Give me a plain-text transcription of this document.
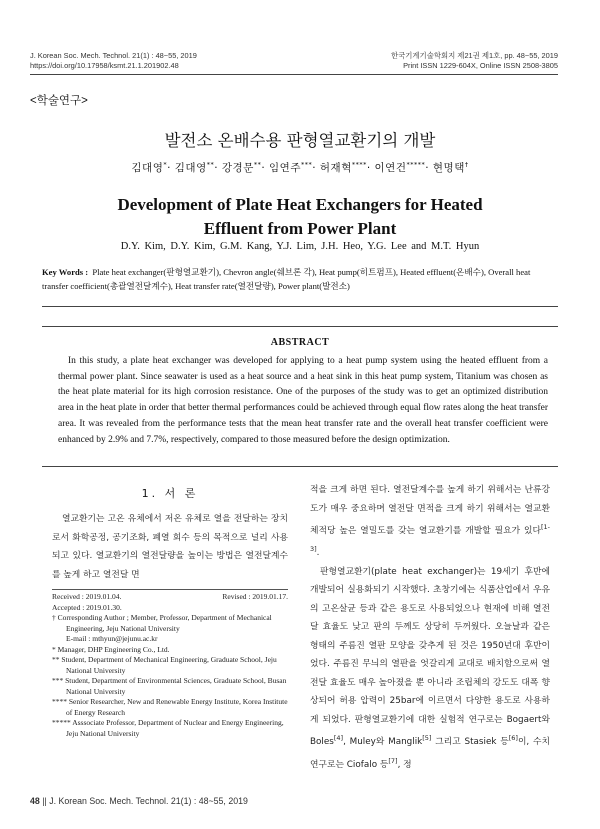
J. Korean Soc. Mech. Technol. 21(1) : 48~55, 2019
https://doi.org/10.17958/ksmt.21.1.201902.48
한국기계기술학회지 제21권 제1호, pp. 48~55, 2019
Print ISSN 1229-604X, Online ISSN 2508-3805
<학술연구>
발전소 온배수용 판형열교환기의 개발
김대영*· 김대영**· 강경문**· 임연주***· 허재혁****· 이연건*****· 현명택†
Development of Plate Heat Exchangers for Heated
Effluent from Power Plant
D.Y. Kim, D.Y. Kim, G.M. Kang, Y.J. Lim, J.H. Heo, Y.G. Lee and M.T. Hyun
Key Words : Plate heat exchanger(판형열교환기), Chevron angle(쉐브론 각), Heat pump(히트펌프), Heated effluent(온배수), Overall heat transfer coefficient(총괄열전달계수), Heat transfer rate(열전달량), Power plant(발전소)
ABSTRACT
In this study, a plate heat exchanger was developed for applying to a heat pump system using the heated effluent from a thermal power plant. Since seawater is used as a heat source and a heat sink in this heat pump system, Titanium was chosen as the heat plate material for its high corrosion resistance. One of the purposes of the study was to get an optimized distribution area in the heat plate in order that better thermal performances could be achieved through equal flow rates along the heat transfer area. It was revealed from the performance tests that the mean heat transfer rate and the overall heat transfer coefficient were enhanced by 2.9% and 7.7%, respectively, compared to those measured before the design optimization.
1. 서 론

열교환기는 고온 유체에서 저온 유체로 열을 전달하는 장치로서 화학공정, 공기조화, 폐열 회수 등의 목적으로 널리 사용되고 있다. 열교환기의 열전달량을 높이는 방법은 열전달계수를 높게 하고 열전달 면

Received : 2019.01.04.	Revised : 2019.01.17.
Accepted : 2019.01.30.
† Corresponding Author ; Member, Professor, Department of Mechanical Engineering, Jeju National University
E-mail : mthyun@jejunu.ac.kr
* Manager, DHP Engineering Co., Ltd.
** Student, Department of Mechanical Engineering, Graduate School, Jeju National University
*** Student, Department of Environmental Sciences, Graduate School, Busan National University
**** Senior Researcher, New and Renewable Energy Institute, Korea Institute of Energy Research
***** Asssociate Professor, Department of Nuclear and Energy Engineering, Jeju National University

적을 크게 하면 된다. 열전달계수를 높게 하기 위해서는 난류강도가 매우 중요하며 열전달 면적을 크게 하기 위해서는 열교환 체적당 높은 열밀도를 갖는 열교환기를 개발할 필요가 있다[1-3].

판형열교환기(plate heat exchanger)는 19세기 후반에 개발되어 실용화되기 시작했다. 초창기에는 식품산업에서 우유의 고온살균 등과 같은 용도로 사용되었으나 현재에 비해 열전달 효율도 낮고 판의 두께도 상당히 두꺼웠다. 오늘날과 같은 형태의 주름진 열판 모양을 갖추게 된 것은 1950년대 후반이었다. 주름진 무늬의 열판을 엇갈리게 교대로 배치함으로써 열전달 효율도 매우 높아졌을 뿐 아니라 조립체의 강도도 대폭 향상되어 허용 압력이 25bar에 이르면서 다양한 용도로 사용하게 되었다. 판형열교환기에 대한 실험적 연구로는 Bogaert와 Boles[4], Muley와 Manglik[5] 그리고 Stasiek 등[6]이, 수치연구로는 Ciofalo 등[7], 정

48 || J. Korean Soc. Mech. Technol. 21(1) : 48~55, 2019
